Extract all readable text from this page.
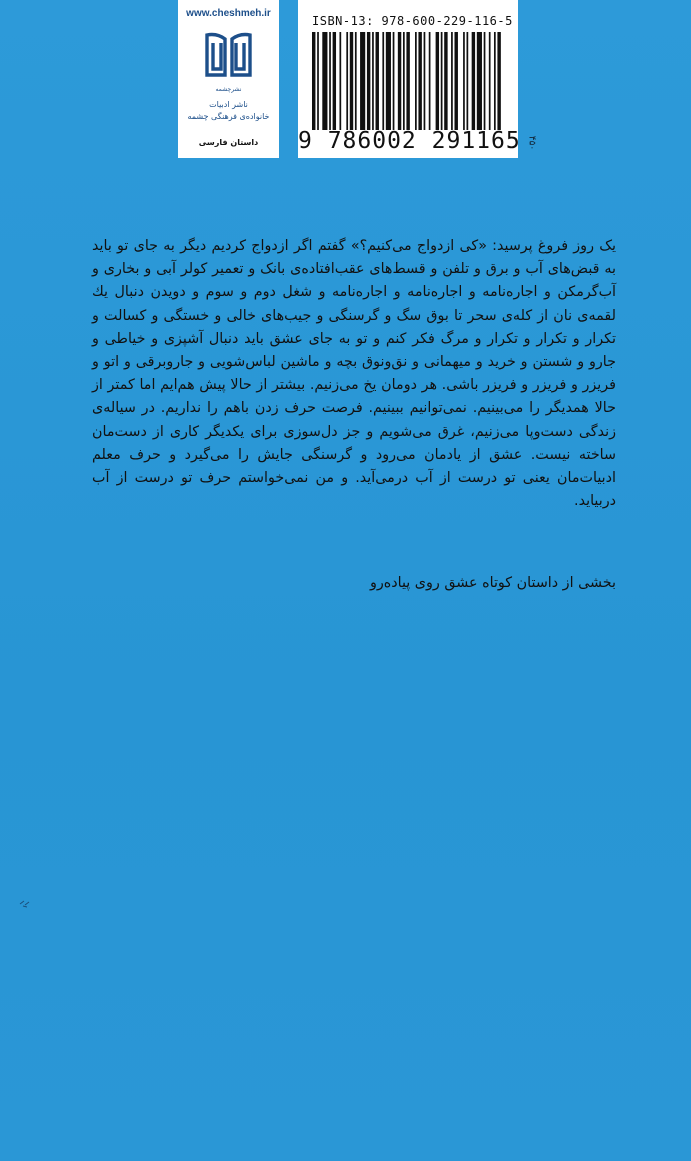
www.cheshmeh.ir
نشرچشمه
ناشر ادبیات
خانواده‌ی فرهنگی چشمه
داستان فارسی
ISBN-13: 978-600-229-116-5
9 786002 291165 ۴۵۰

یک روز فروغ پرسید: «کی ازدواج می‌کنیم؟» گفتم اگر ازدواج کردیم دیگر به جای تو باید به قبض‌های آب و برق و تلفن و قسط‌های عقب‌افتاده‌ی بانک و تعمیر کولر آبی و بخاری و آب‌گرمکن و اجاره‌نامه و اجاره‌نامه و اجاره‌نامه و شغل دوم و سوم و دویدن دنبال یك لقمه‌ی نان از کله‌ی سحر تا بوق سگ و گرسنگی و جیب‌های خالی و خستگی و کسالت و تکرار و تکرار و تکرار و مرگ فکر کنم و تو به جای عشق باید دنبال آشپزی و خیاطی و جارو و شستن و خرید و میهمانی و نق‌ونوق بچه و ماشین لباس‌شویی و جاروبرقی و اتو و فریزر و فریزر و فریزر باشی. هر دومان یخ می‌زنیم. بیشتر از حالا پیش هم‌ایم اما کمتر از حالا همدیگر را می‌بینیم. نمی‌توانیم ببینیم. فرصت حرف زدن باهم را نداریم. در سیاله‌ی زندگی دست‌وپا می‌زنیم، غرق می‌شویم و جز دل‌سوزی برای یکدیگر کاری از دست‌مان ساخته نیست. عشق از یادمان می‌رود و گرسنگی جایش را می‌گیرد و حرف معلم ادبیات‌مان یعنی تو درست از آب درمی‌آید. و من نمی‌خواستم حرف تو درست از آب دربیاید.

بخشی از داستان کوتاه عشق روی پیاده‌رو
